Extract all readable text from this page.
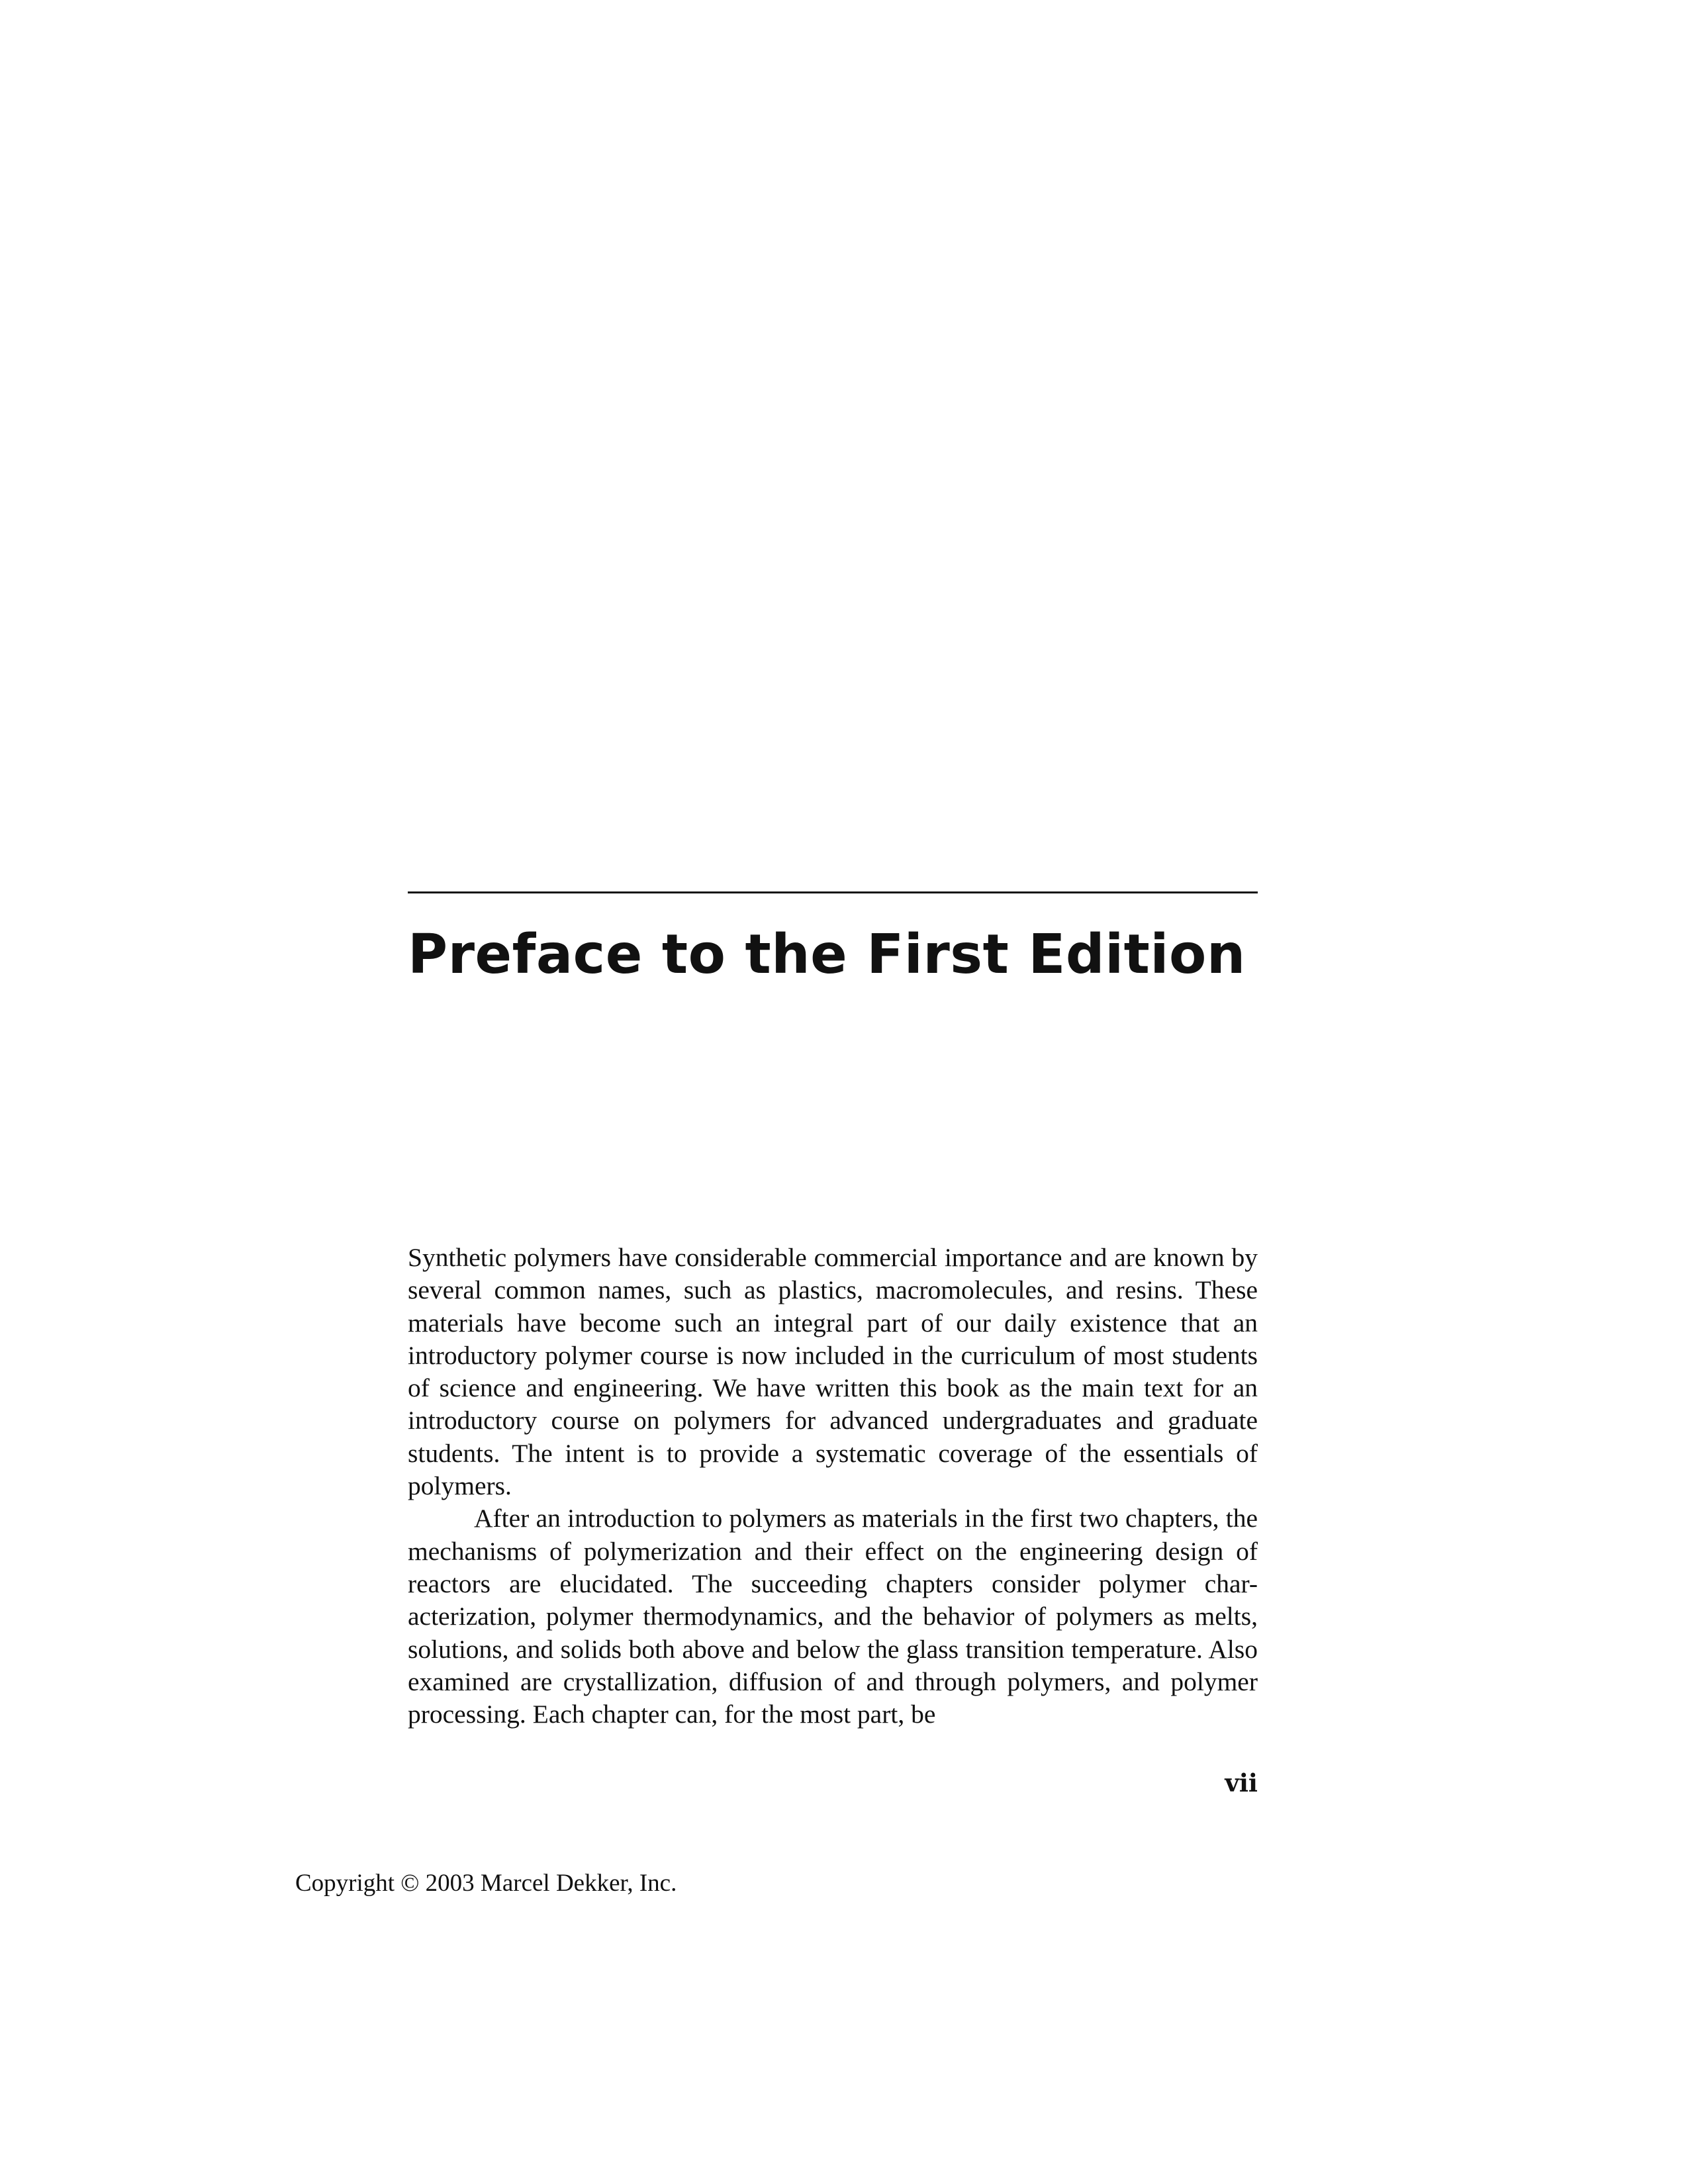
Preface to the First Edition

Synthetic polymers have considerable commercial importance and are known by several common names, such as plastics, macromolecules, and resins. These materials have become such an integral part of our daily existence that an introductory polymer course is now included in the curriculum of most students of science and engineering. We have written this book as the main text for an introductory course on polymers for advanced undergraduates and graduate students. The intent is to provide a systematic coverage of the essentials of polymers.

After an introduction to polymers as materials in the first two chapters, the mechanisms of polymerization and their effect on the engineering design of reactors are elucidated. The succeeding chapters consider polymer char-acterization, polymer thermodynamics, and the behavior of polymers as melts, solutions, and solids both above and below the glass transition temperature. Also examined are crystallization, diffusion of and through polymers, and polymer processing. Each chapter can, for the most part, be

vii
Copyright © 2003 Marcel Dekker, Inc.
